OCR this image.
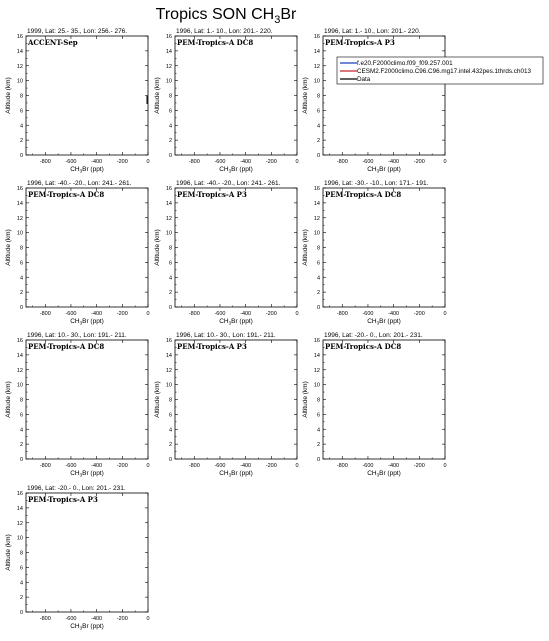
Tropics SON $CH_3Br$
1999, Lat: 25.- 35., Lon: 256.- 276.
ACCENT-Sep
0
2
4
6
8
10
12
14
16
-800	-600	-400	-200	0
$CH_3Br$ (ppt)
Altitude (km)
1996, Lat: 1.- 10., Lon: 201.- 220.
PEM-Tropics-A DC8
0
2
4
6
8
10
12
14
16
-800	-600	-400	-200	0
$CH_3Br$ (ppt)
Altitude (km)
1996, Lat: 1.- 10., Lon: 201.- 220.
PEM-Tropics-A P3
0
2
4
6
8
10
12
14
16
-800	-600	-400	-200	0
$CH_3Br$ (ppt)
Altitude (km)
1996, Lat: -40.- -20., Lon: 241.- 261.
PEM-Tropics-A DC8
0
2
4
6
8
10
12
14
16
-800	-600	-400	-200	0
$CH_3Br$ (ppt)
Altitude (km)
1996, Lat: -40.- -20., Lon: 241.- 261.
PEM-Tropics-A P3
0
2
4
6
8
10
12
14
16
-800	-600	-400	-200	0
$CH_3Br$ (ppt)
Altitude (km)
1996, Lat: -30.- -10., Lon: 171.- 191.
PEM-Tropics-A DC8
0
2
4
6
8
10
12
14
16
-800	-600	-400	-200	0
$CH_3Br$ (ppt)
Altitude (km)
1996, Lat: 10.- 30., Lon: 191.- 211.
PEM-Tropics-A DC8
0
2
4
6
8
10
12
14
16
-800	-600	-400	-200	0
$CH_3Br$ (ppt)
Altitude (km)
1996, Lat: 10.- 30., Lon: 191.- 211.
PEM-Tropics-A P3
0
2
4
6
8
10
12
14
16
-800	-600	-400	-200	0
$CH_3Br$ (ppt)
Altitude (km)
1996, Lat: -20.- 0., Lon: 201.- 231.
PEM-Tropics-A DC8
0
2
4
6
8
10
12
14
16
-800	-600	-400	-200	0
$CH_3Br$ (ppt)
Altitude (km)
1996, Lat: -20.- 0., Lon: 201.- 231.
PEM-Tropics-A P3
0
2
4
6
8
10
12
14
16
-800	-600	-400	-200	0
$CH_3Br$ (ppt)
Altitude (km)
f.e20.F2000climo.f09_f09.257.001
CESM2.F2000climo.C96.C96.mg17.intel.432pes.1thrds.ch013
Data
